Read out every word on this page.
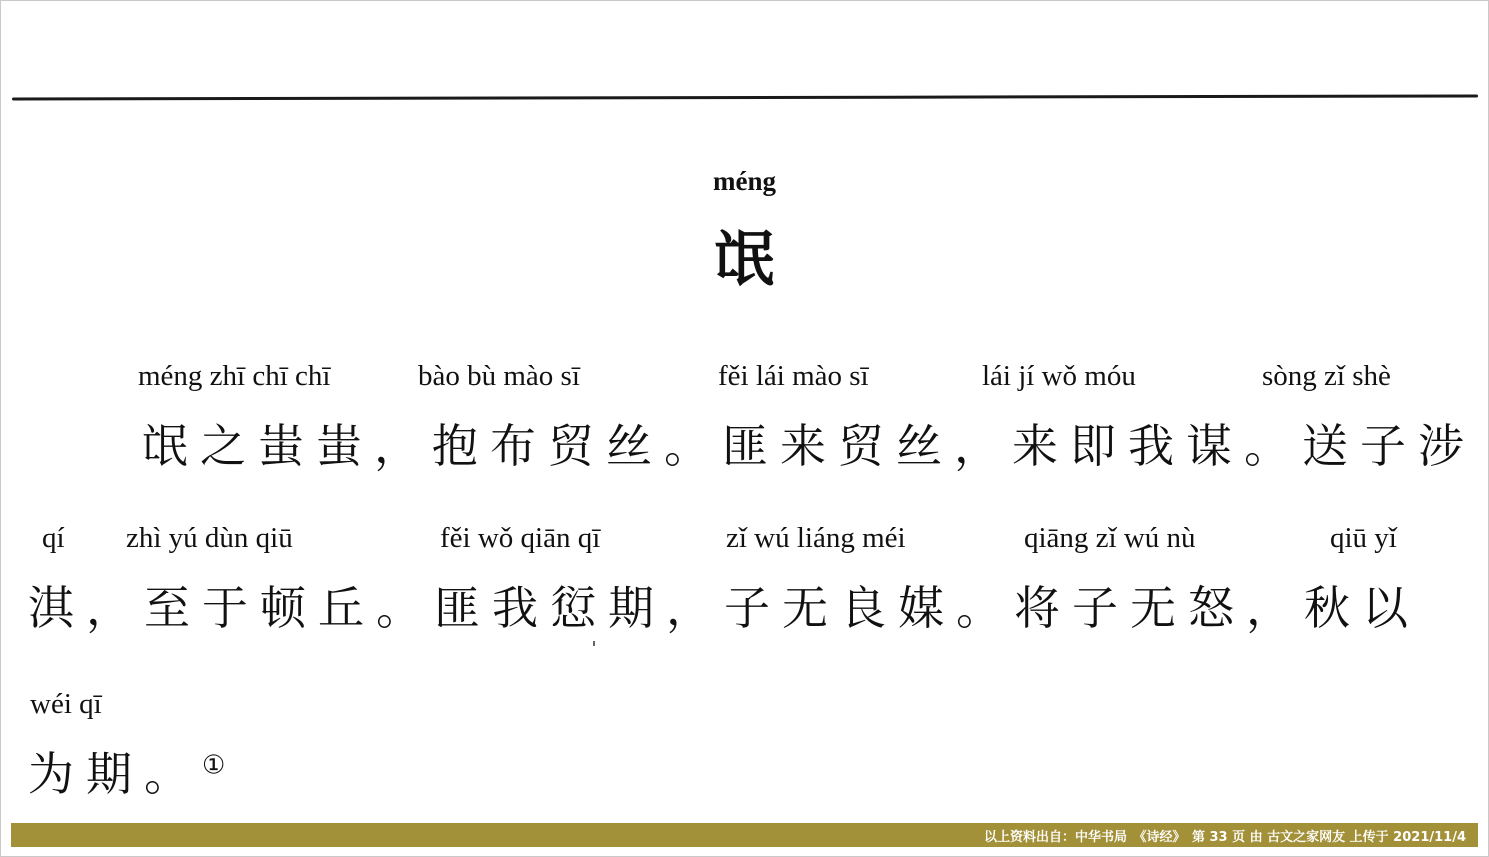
méng
氓
méng zhī chī chī	bào bù mào sī	fěi lái mào sī	lái jí wǒ móu	sòng zǐ shè
氓之蚩蚩，抱布贸丝。匪来贸丝，来即我谋。送子涉
qí zhì yú dùn qiū	fěi wǒ qiān qī	zǐ wú liáng méi	qiāng zǐ wú nù	qiū yǐ
淇，至于顿丘。匪我愆期，子无良媒。将子无怒，秋以
wéi qī
为期。①
以上资料出自：中华书局　《诗经》　第 33 页 由 古文之家网友 上传于 2021/11/4
